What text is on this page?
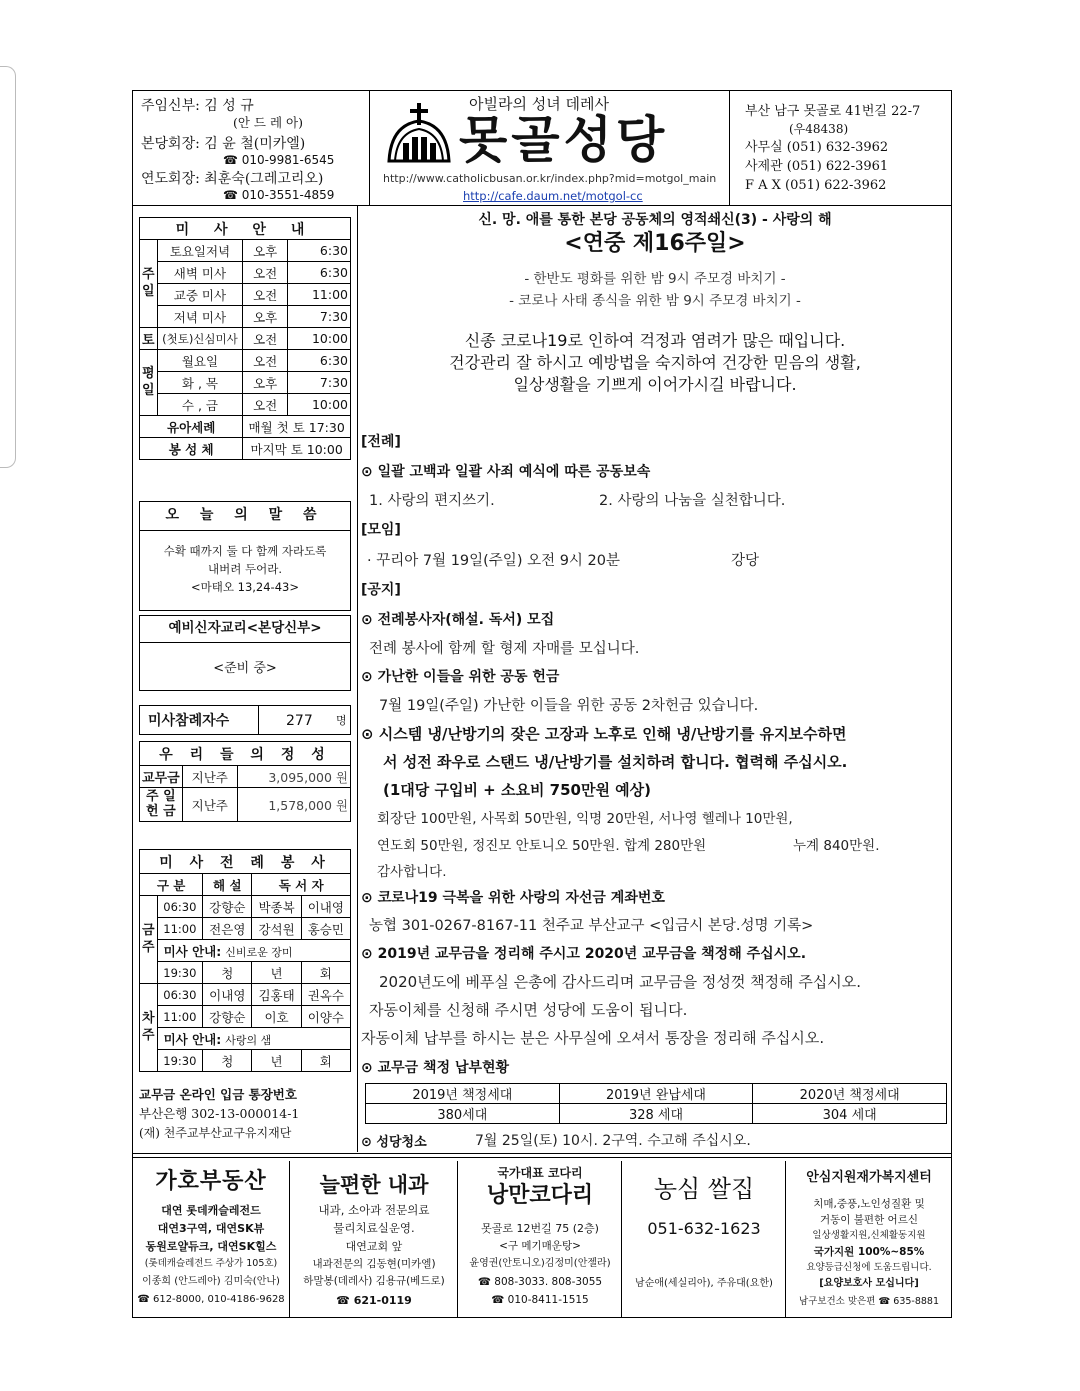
주임신부: 김 성 규
(안 드 레 아)
본당회장: 김 윤 철(미카엘)
☎ 010-9981-6545
연도회장: 최훈숙(그레고리오)
☎ 010-3551-4859
아빌라의 성녀 데레사
못골성당
http://www.catholicbusan.or.kr/index.php?mid=motgol_main
http://cafe.daum.net/motgol-cc
부산 남구 못골로 41번길 22-7
(우48438)
사무실 (051) 632-3962
사제관 (051) 622-3961
F A X (051) 622-3962
미 사 안 내			
주일	토요일저녁	오후	6:30
	새벽 미사	오전	6:30
	교중 미사	오전	11:00
	저녁 미사	오후	7:30
토	(첫토)신심미사	오전	10:00
평일	월요일	오전	6:30
	화 , 목	오후	7:30
	수 , 금	오전	10:00
유아세례		매월 첫 토 17:30	
봉 성 체		마지막 토 10:00	
오 늘 의 말 씀
수확 때까지 둘 다 함께 자라도록
내버려 두어라.
<마태오 13,24-43>
예비신자교리<본당신부>
<준비 중>
미사참례자수	277 명
우 리 들 의 정 성		
교무금	지난주	3,095,000 원
주 일 헌 금	지난주	1,578,000 원
미 사 전 례 봉 사				
구 분		해 설	독 서 자	
금주	06:30	강향순	박종복	이내영
	11:00	전은영	강석원	홍승민
	미사 안내: 신비로운 장미			
	19:30	청	년	회
차주	06:30	이내영	김홍태	권옥수
	11:00	강향순	이호	이양수
	미사 안내: 사랑의 샘			
	19:30	청	년	회
교무금 온라인 입금 통장번호
부산은행 302-13-000014-1
(재) 천주교부산교구유지재단
신. 망. 애를 통한 본당 공동체의 영적쇄신(3) - 사랑의 해
<연중 제16주일>
- 한반도 평화를 위한 밤 9시 주모경 바치기 -
- 코로나 사태 종식을 위한 밤 9시 주모경 바치기 -
신종 코로나19로 인하여 걱정과 염려가 많은 때입니다.
건강관리 잘 하시고 예방법을 숙지하여 건강한 믿음의 생활,
일상생활을 기쁘게 이어가시길 바랍니다.
[전례]
⊙ 일괄 고백과 일괄 사죄 예식에 따른 공동보속
1. 사랑의 편지쓰기.	2. 사랑의 나눔을 실천합니다.
[모임]
· 꾸리아 7월 19일(주일) 오전 9시 20분	강당
[공지]
⊙ 전례봉사자(해설. 독서) 모집
전례 봉사에 함께 할 형제 자매를 모십니다.
⊙ 가난한 이들을 위한 공동 헌금
7월 19일(주일) 가난한 이들을 위한 공동 2차헌금 있습니다.
⊙ 시스템 냉/난방기의 잦은 고장과 노후로 인해 냉/난방기를 유지보수하면
서 성전 좌우로 스탠드 냉/난방기를 설치하려 합니다. 협력해 주십시오.
(1대당 구입비 + 소요비 750만원 예상)
회장단 100만원, 사목회 50만원, 익명 20만원, 서나영 헬레나 10만원,
연도회 50만원, 정진모 안토니오 50만원. 합계 280만원	누계 840만원.
감사합니다.
⊙ 코로나19 극복을 위한 사랑의 자선금 계좌번호
농협 301-0267-8167-11 천주교 부산교구 <입금시 본당.성명 기록>
⊙ 2019년 교무금을 정리해 주시고 2020년 교무금을 책정해 주십시오.
2020년도에 베푸실 은총에 감사드리며 교무금을 정성껏 책정해 주십시오.
자동이체를 신청해 주시면 성당에 도움이 됩니다.
자동이체 납부를 하시는 분은 사무실에 오셔서 통장을 정리해 주십시오.
⊙ 교무금 책정 납부현황
2019년 책정세대	2019년 완납세대	2020년 책정세대
380세대	328 세대	304 세대
⊙ 성당청소	7월 25일(토) 10시. 2구역. 수고해 주십시오.
가호부동산
대연 롯데캐슬레전드
대연3구역, 대연SK뷰
동원로얄듀크, 대연SK힐스
(롯데캐슬레전드 주상가 105호)
이종희 (안드레아) 김미숙(안나)
☎ 612-8000, 010-4186-9628
늘편한 내과
내과, 소아과 전문의료
물리치료실운영.
대연교회 앞
내과전문의 김동현(미카엘)
하말봉(데레사) 김용규(베드로)
☎ 621-0119
국가대표 코다리
낭만코다리
못골로 12번길 75 (2층)
<구 메기매운탕>
윤영권(안토니오)김정미(안젤라)
☎ 808-3033. 808-3055
☎ 010-8411-1515
농심 쌀집
051-632-1623
남순애(세실리아), 주유대(요한)
안심지원재가복지센터
치매,중풍,노인성질환 및
거동이 불편한 어르신
일상생활지원,신체활동지원
국가지원 100%~85%
요양등급신청에 도움드립니다.
[요양보호사 모십니다]
남구보건소 맞은편 ☎ 635-8881
